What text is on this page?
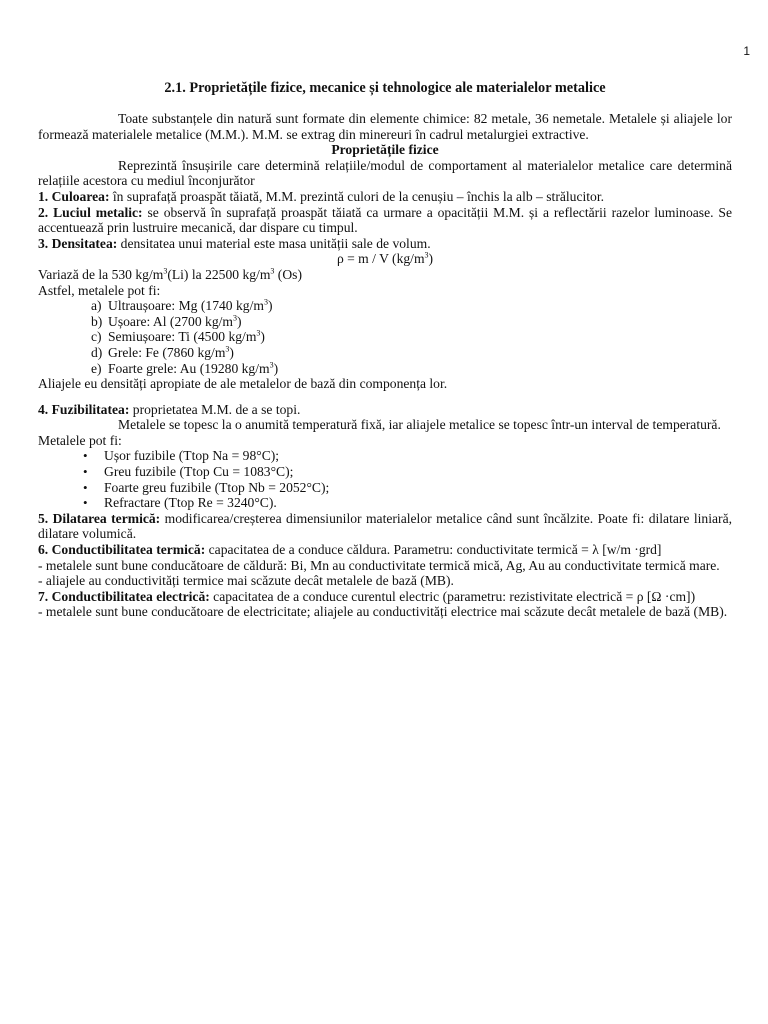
1
2.1. Proprietățile fizice, mecanice și tehnologice ale materialelor metalice

Toate substanțele din natură sunt formate din elemente chimice: 82 metale, 36 nemetale. Metalele și aliajele lor formează materialele metalice (M.M.). M.M. se extrag din minereuri în cadrul metalurgiei extractive.

Proprietățile fizice

Reprezintă însușirile care determină relațiile/modul de comportament al materialelor metalice care determină relațiile acestora cu mediul înconjurător

1. Culoarea: în suprafață proaspăt tăiată, M.M. prezintă culori de la cenușiu – închis la alb – strălucitor.

2. Luciul metalic: se observă în suprafață proaspăt tăiată ca urmare a opacității M.M. și a reflectării razelor luminoase. Se accentuează prin lustruire mecanică, dar dispare cu timpul.

3. Densitatea: densitatea unui material este masa unității sale de volum.

ρ = m / V $(kg/m^3)$

Variază de la 530 $kg/m^3(Li)$ la 22500 $kg/m^3$ (Os)

Astfel, metalele pot fi:

a) Ultraușoare: Mg (1740 $kg/m^3$)
b) Ușoare: Al (2700 $kg/m^3$)
c) Semiușoare: Ti (4500 $kg/m^3$)
d) Grele: Fe (7860 $kg/m^3$)
e) Foarte grele: Au (19280 $kg/m^3$)

Aliajele eu densități apropiate de ale metalelor de bază din componența lor.

4. Fuzibilitatea: proprietatea M.M. de a se topi.

Metalele se topesc la o anumită temperatură fixă, iar aliajele metalice se topesc într-un interval de temperatură.

Metalele pot fi:

• Ușor fuzibile (Ttop Na = 98°C);
• Greu fuzibile (Ttop Cu = 1083°C);
• Foarte greu fuzibile (Ttop Nb = 2052°C);
• Refractare (Ttop Re = 3240°C).

5. Dilatarea termică: modificarea/creșterea dimensiunilor materialelor metalice când sunt încălzite. Poate fi: dilatare liniară, dilatare volumică.

6. Conductibilitatea termică: capacitatea de a conduce căldura. Parametru: conductivitate termică = λ [w/m ·grd]

- metalele sunt bune conducătoare de căldură: Bi, Mn au conductivitate termică mică, Ag, Au au conductivitate termică mare.

- aliajele au conductivități termice mai scăzute decât metalele de bază (MB).

7. Conductibilitatea electrică: capacitatea de a conduce curentul electric (parametru: rezistivitate electrică = ρ [Ω ·cm])

- metalele sunt bune conducătoare de electricitate; aliajele au conductivități electrice mai scăzute decât metalele de bază (MB).
